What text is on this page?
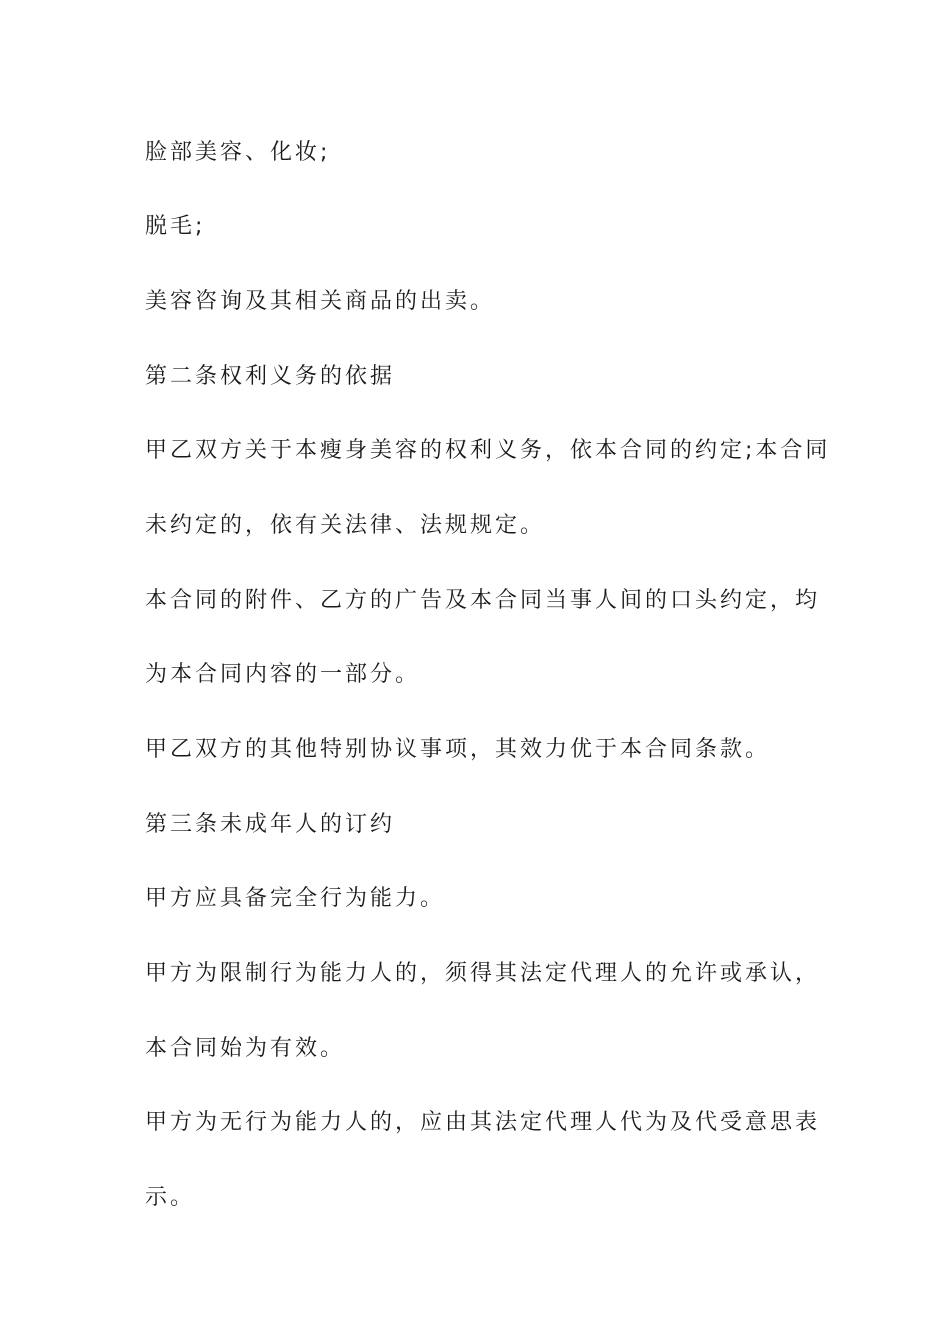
脸部美容、化妆;
脱毛;
美容咨询及其相关商品的出卖。
第二条权利义务的依据
甲乙双方关于本瘦身美容的权利义务，依本合同的约定;本合同
未约定的，依有关法律、法规规定。
本合同的附件、乙方的广告及本合同当事人间的口头约定，均
为本合同内容的一部分。
甲乙双方的其他特别协议事项，其效力优于本合同条款。
第三条未成年人的订约
甲方应具备完全行为能力。
甲方为限制行为能力人的，须得其法定代理人的允许或承认，
本合同始为有效。
甲方为无行为能力人的，应由其法定代理人代为及代受意思表
示。
